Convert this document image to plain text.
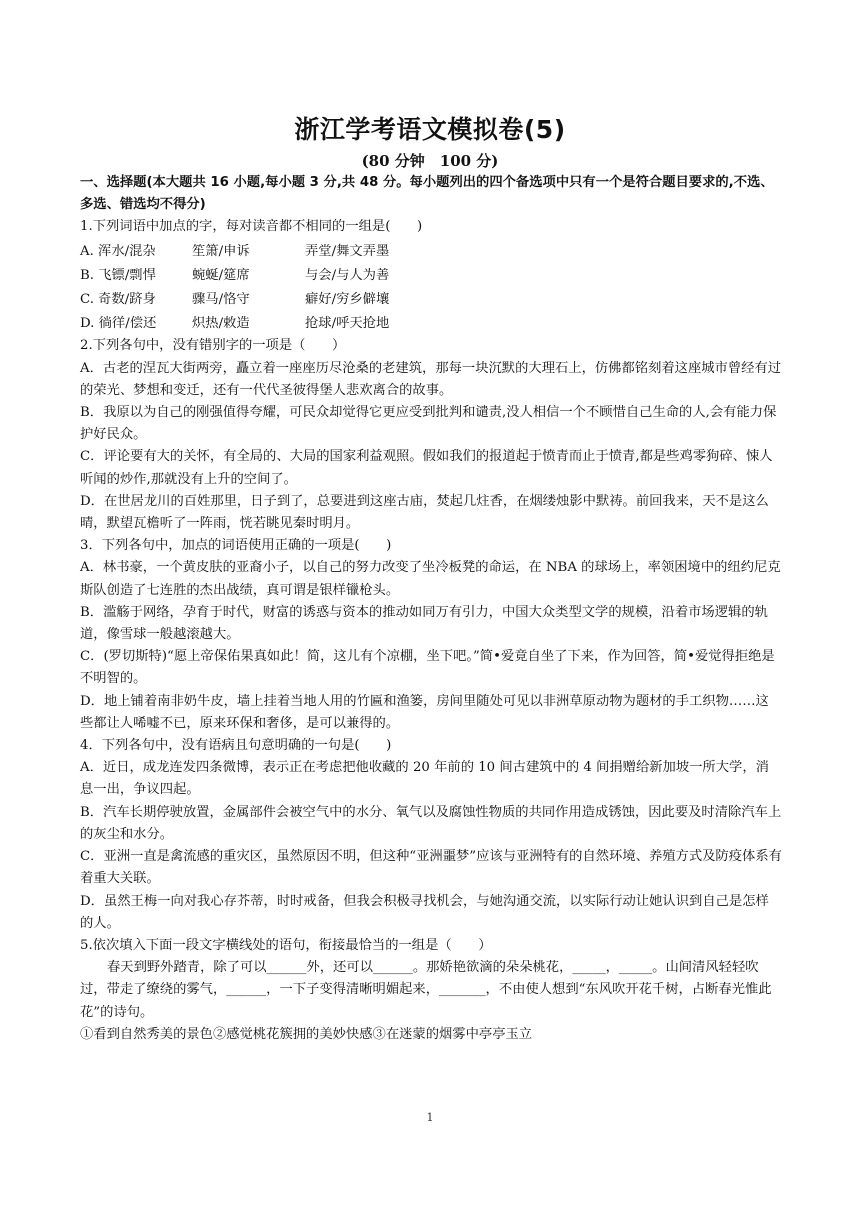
浙江学考语文模拟卷(5)
(80 分钟　100 分)

一、选择题(本大题共 16 小题,每小题 3 分,共 48 分。每小题列出的四个备选项中只有一个是符合题目要求的,不选、多选、错选均不得分)

1.下列词语中加点的字，每对读音都不相同的一组是(　　)

A. 浑水/混杂	笙箫/申诉	弄堂/舞文弄墨
B. 飞镖/剽悍	蜿蜒/筵席	与会/与人为善
C. 奇数/跻身	骤马/恪守	癖好/穷乡僻壤
D. 徜徉/偿还	炽热/敕造	抢球/呼天抢地

2.下列各句中，没有错别字的一项是（　　）

A．古老的涅瓦大街两旁，矗立着一座座历尽沧桑的老建筑，那每一块沉默的大理石上，仿佛都铭刻着这座城市曾经有过的荣光、梦想和变迁，还有一代代圣彼得堡人悲欢离合的故事。

B．我原以为自己的刚强值得夸耀，可民众却觉得它更应受到批判和谴责,没人相信一个不顾惜自己生命的人,会有能力保护好民众。

C．评论要有大的关怀，有全局的、大局的国家利益观照。假如我们的报道起于愤青而止于愤青,都是些鸡零狗碎、悚人听闻的炒作,那就没有上升的空间了。

D．在世居龙川的百姓那里，日子到了，总要进到这座古庙，焚起几炷香，在烟缕烛影中默祷。前回我来，天不是这么晴，默望瓦檐听了一阵雨，恍若眺见秦时明月。

3．下列各句中，加点的词语使用正确的一项是(　　)

A．林书豪，一个黄皮肤的亚裔小子，以自己的努力改变了坐冷板凳的命运，在 NBA 的球场上，率领困境中的纽约尼克斯队创造了七连胜的杰出战绩，真可谓是银样镴枪头。

B．滥觞于网络，孕育于时代，财富的诱惑与资本的推动如同万有引力，中国大众类型文学的规模，沿着市场逻辑的轨道，像雪球一般越滚越大。

C．(罗切斯特)“愿上帝保佑果真如此！简，这儿有个凉棚，坐下吧。”简•爱竟自坐了下来，作为回答，简•爱觉得拒绝是不明智的。

D．地上铺着南非奶牛皮，墙上挂着当地人用的竹匾和渔篓，房间里随处可见以非洲草原动物为题材的手工织物……这些都让人唏嘘不已，原来环保和奢侈，是可以兼得的。

4．下列各句中，没有语病且句意明确的一句是(　　)

A．近日，成龙连发四条微博，表示正在考虑把他收藏的 20 年前的 10 间古建筑中的 4 间捐赠给新加坡一所大学，消息一出，争议四起。

B．汽车长期停驶放置，金属部件会被空气中的水分、氧气以及腐蚀性物质的共同作用造成锈蚀，因此要及时清除汽车上的灰尘和水分。

C．亚洲一直是禽流感的重灾区，虽然原因不明，但这种“亚洲噩梦”应该与亚洲特有的自然环境、养殖方式及防疫体系有着重大关联。

D．虽然王梅一向对我心存芥蒂，时时戒备，但我会积极寻找机会，与她沟通交流，以实际行动让她认识到自己是怎样的人。

5.依次填入下面一段文字横线处的语句，衔接最恰当的一组是（　　）

春天到野外踏青，除了可以______外，还可以______。那娇艳欲滴的朵朵桃花，_____，_____。山间清风轻轻吹过，带走了缭绕的雾气，______，一下子变得清晰明媚起来，_______，不由使人想到“东风吹开花千树，占断春光惟此花”的诗句。

①看到自然秀美的景色②感觉桃花簇拥的美妙快感③在迷蒙的烟雾中亭亭玉立

1
